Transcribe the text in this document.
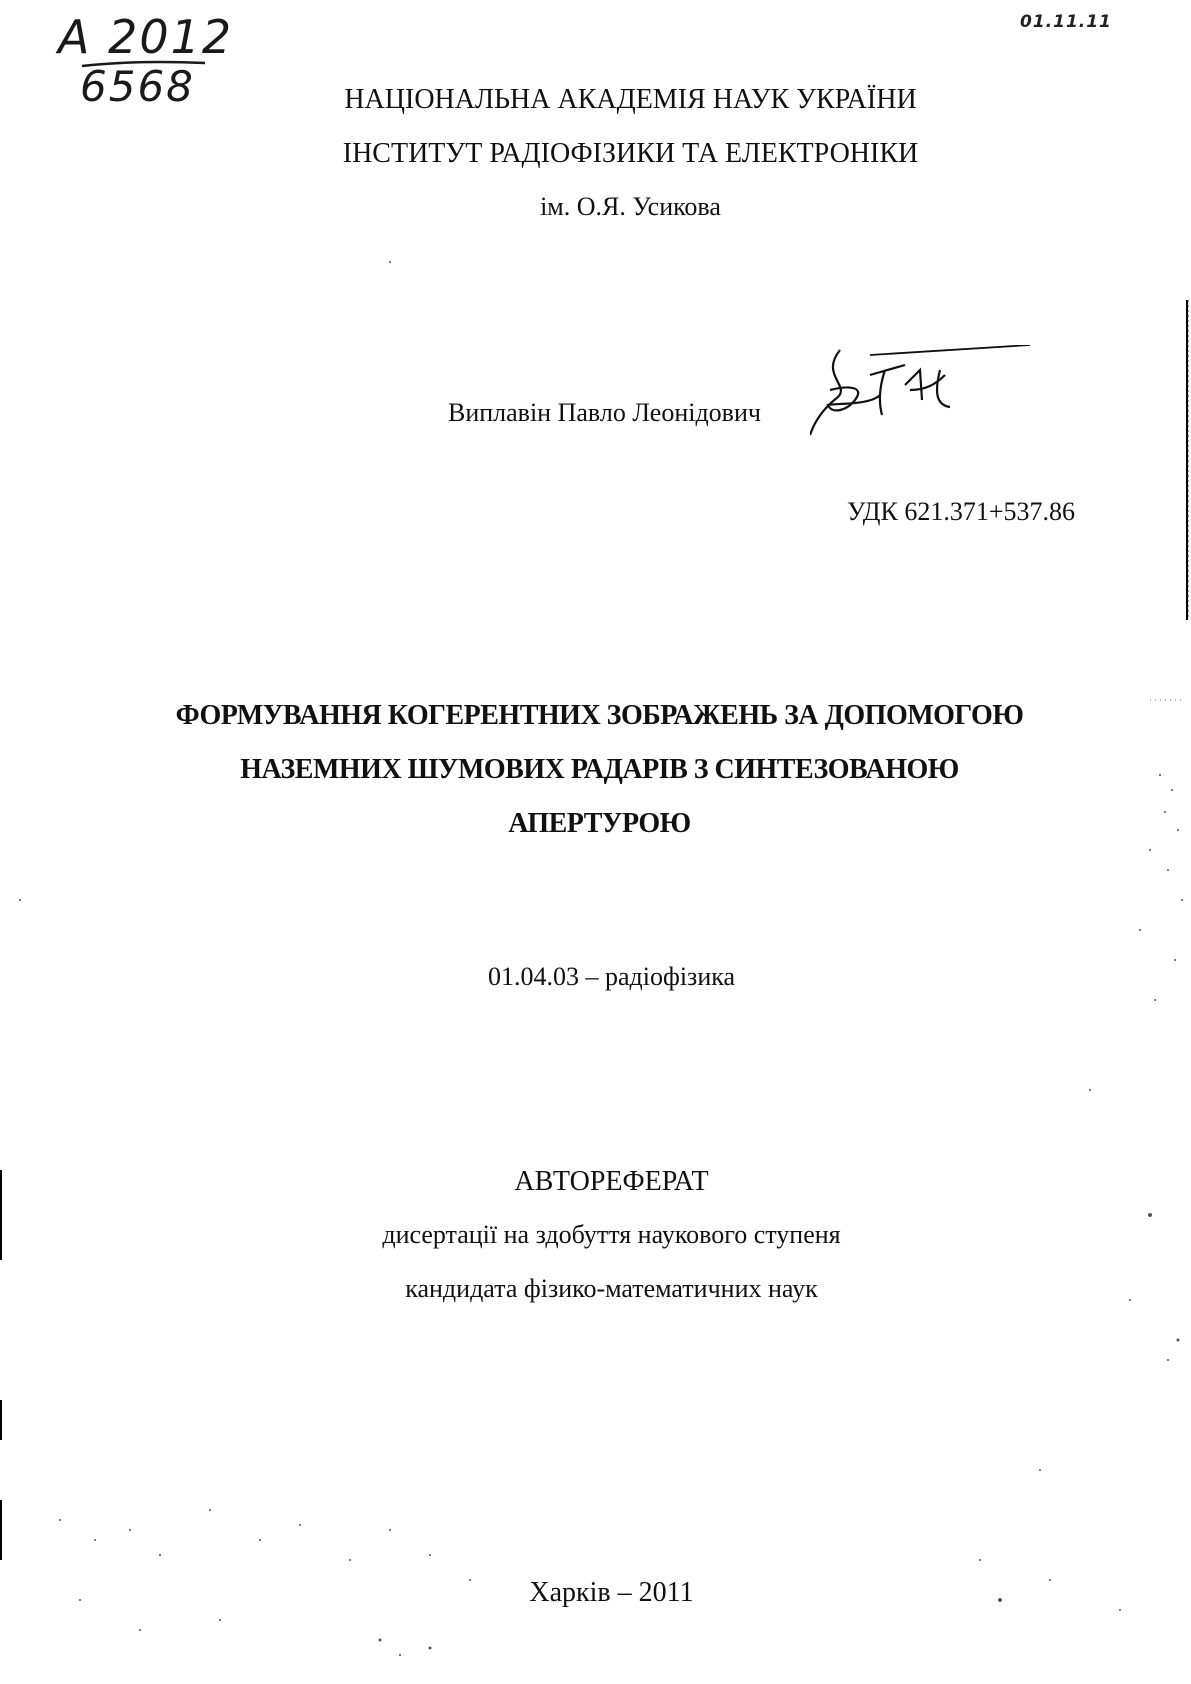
А 2012
6568
01.11.11
НАЦІОНАЛЬНА АКАДЕМІЯ НАУК УКРАЇНИ
ІНСТИТУТ РАДІОФІЗИКИ ТА ЕЛЕКТРОНІКИ
ім. О.Я. Усикова
Виплавін Павло Леонідович
УДК 621.371+537.86
ФОРМУВАННЯ КОГЕРЕНТНИХ ЗОБРАЖЕНЬ ЗА ДОПОМОГОЮ
НАЗЕМНИХ ШУМОВИХ РАДАРІВ З СИНТЕЗОВАНОЮ
АПЕРТУРОЮ
01.04.03 – радіофізика
АВТОРЕФЕРАТ
дисертації на здобуття наукового ступеня
кандидата фізико-математичних наук
Харків – 2011
